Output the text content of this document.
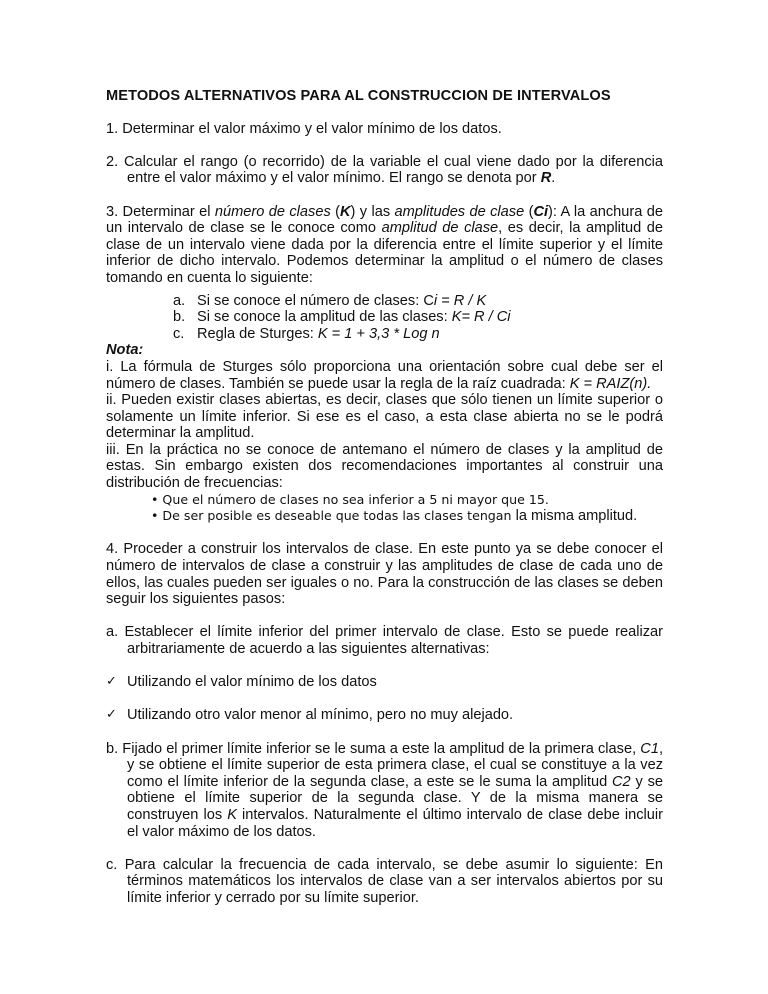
METODOS ALTERNATIVOS PARA AL CONSTRUCCION DE INTERVALOS

1. Determinar el valor máximo y el valor mínimo de los datos.

2. Calcular el rango (o recorrido) de la variable el cual viene dado por la diferencia entre el valor máximo y el valor mínimo. El rango se denota por R.

3. Determinar el número de clases (K) y las amplitudes de clase (Ci): A la anchura de un intervalo de clase se le conoce como amplitud de clase, es decir, la amplitud de clase de un intervalo viene dada por la diferencia entre el límite superior y el límite inferior de dicho intervalo. Podemos determinar la amplitud o el número de clases tomando en cuenta lo siguiente:

a. Si se conoce el número de clases: Ci = R / K
b. Si se conoce la amplitud de las clases: K= R / Ci
c. Regla de Sturges: K = 1 + 3,3 * Log n

Nota:

i. La fórmula de Sturges sólo proporciona una orientación sobre cual debe ser el número de clases. También se puede usar la regla de la raíz cuadrada: K = RAIZ(n).

ii. Pueden existir clases abiertas, es decir, clases que sólo tienen un límite superior o solamente un límite inferior. Si ese es el caso, a esta clase abierta no se le podrá determinar la amplitud.

iii. En la práctica no se conoce de antemano el número de clases y la amplitud de estas. Sin embargo existen dos recomendaciones importantes al construir una distribución de frecuencias:

• Que el número de clases no sea inferior a 5 ni mayor que 15.
• De ser posible es deseable que todas las clases tengan la misma amplitud.

4. Proceder a construir los intervalos de clase. En este punto ya se debe conocer el número de intervalos de clase a construir y las amplitudes de clase de cada uno de ellos, las cuales pueden ser iguales o no. Para la construcción de las clases se deben seguir los siguientes pasos:

a. Establecer el límite inferior del primer intervalo de clase. Esto se puede realizar arbitrariamente de acuerdo a las siguientes alternativas:

✓ Utilizando el valor mínimo de los datos

✓ Utilizando otro valor menor al mínimo, pero no muy alejado.

b. Fijado el primer límite inferior se le suma a este la amplitud de la primera clase, C1, y se obtiene el límite superior de esta primera clase, el cual se constituye a la vez como el límite inferior de la segunda clase, a este se le suma la amplitud C2 y se obtiene el límite superior de la segunda clase. Y de la misma manera se construyen los K intervalos. Naturalmente el último intervalo de clase debe incluir el valor máximo de los datos.

c. Para calcular la frecuencia de cada intervalo, se debe asumir lo siguiente: En términos matemáticos los intervalos de clase van a ser intervalos abiertos por su límite inferior y cerrado por su límite superior.
